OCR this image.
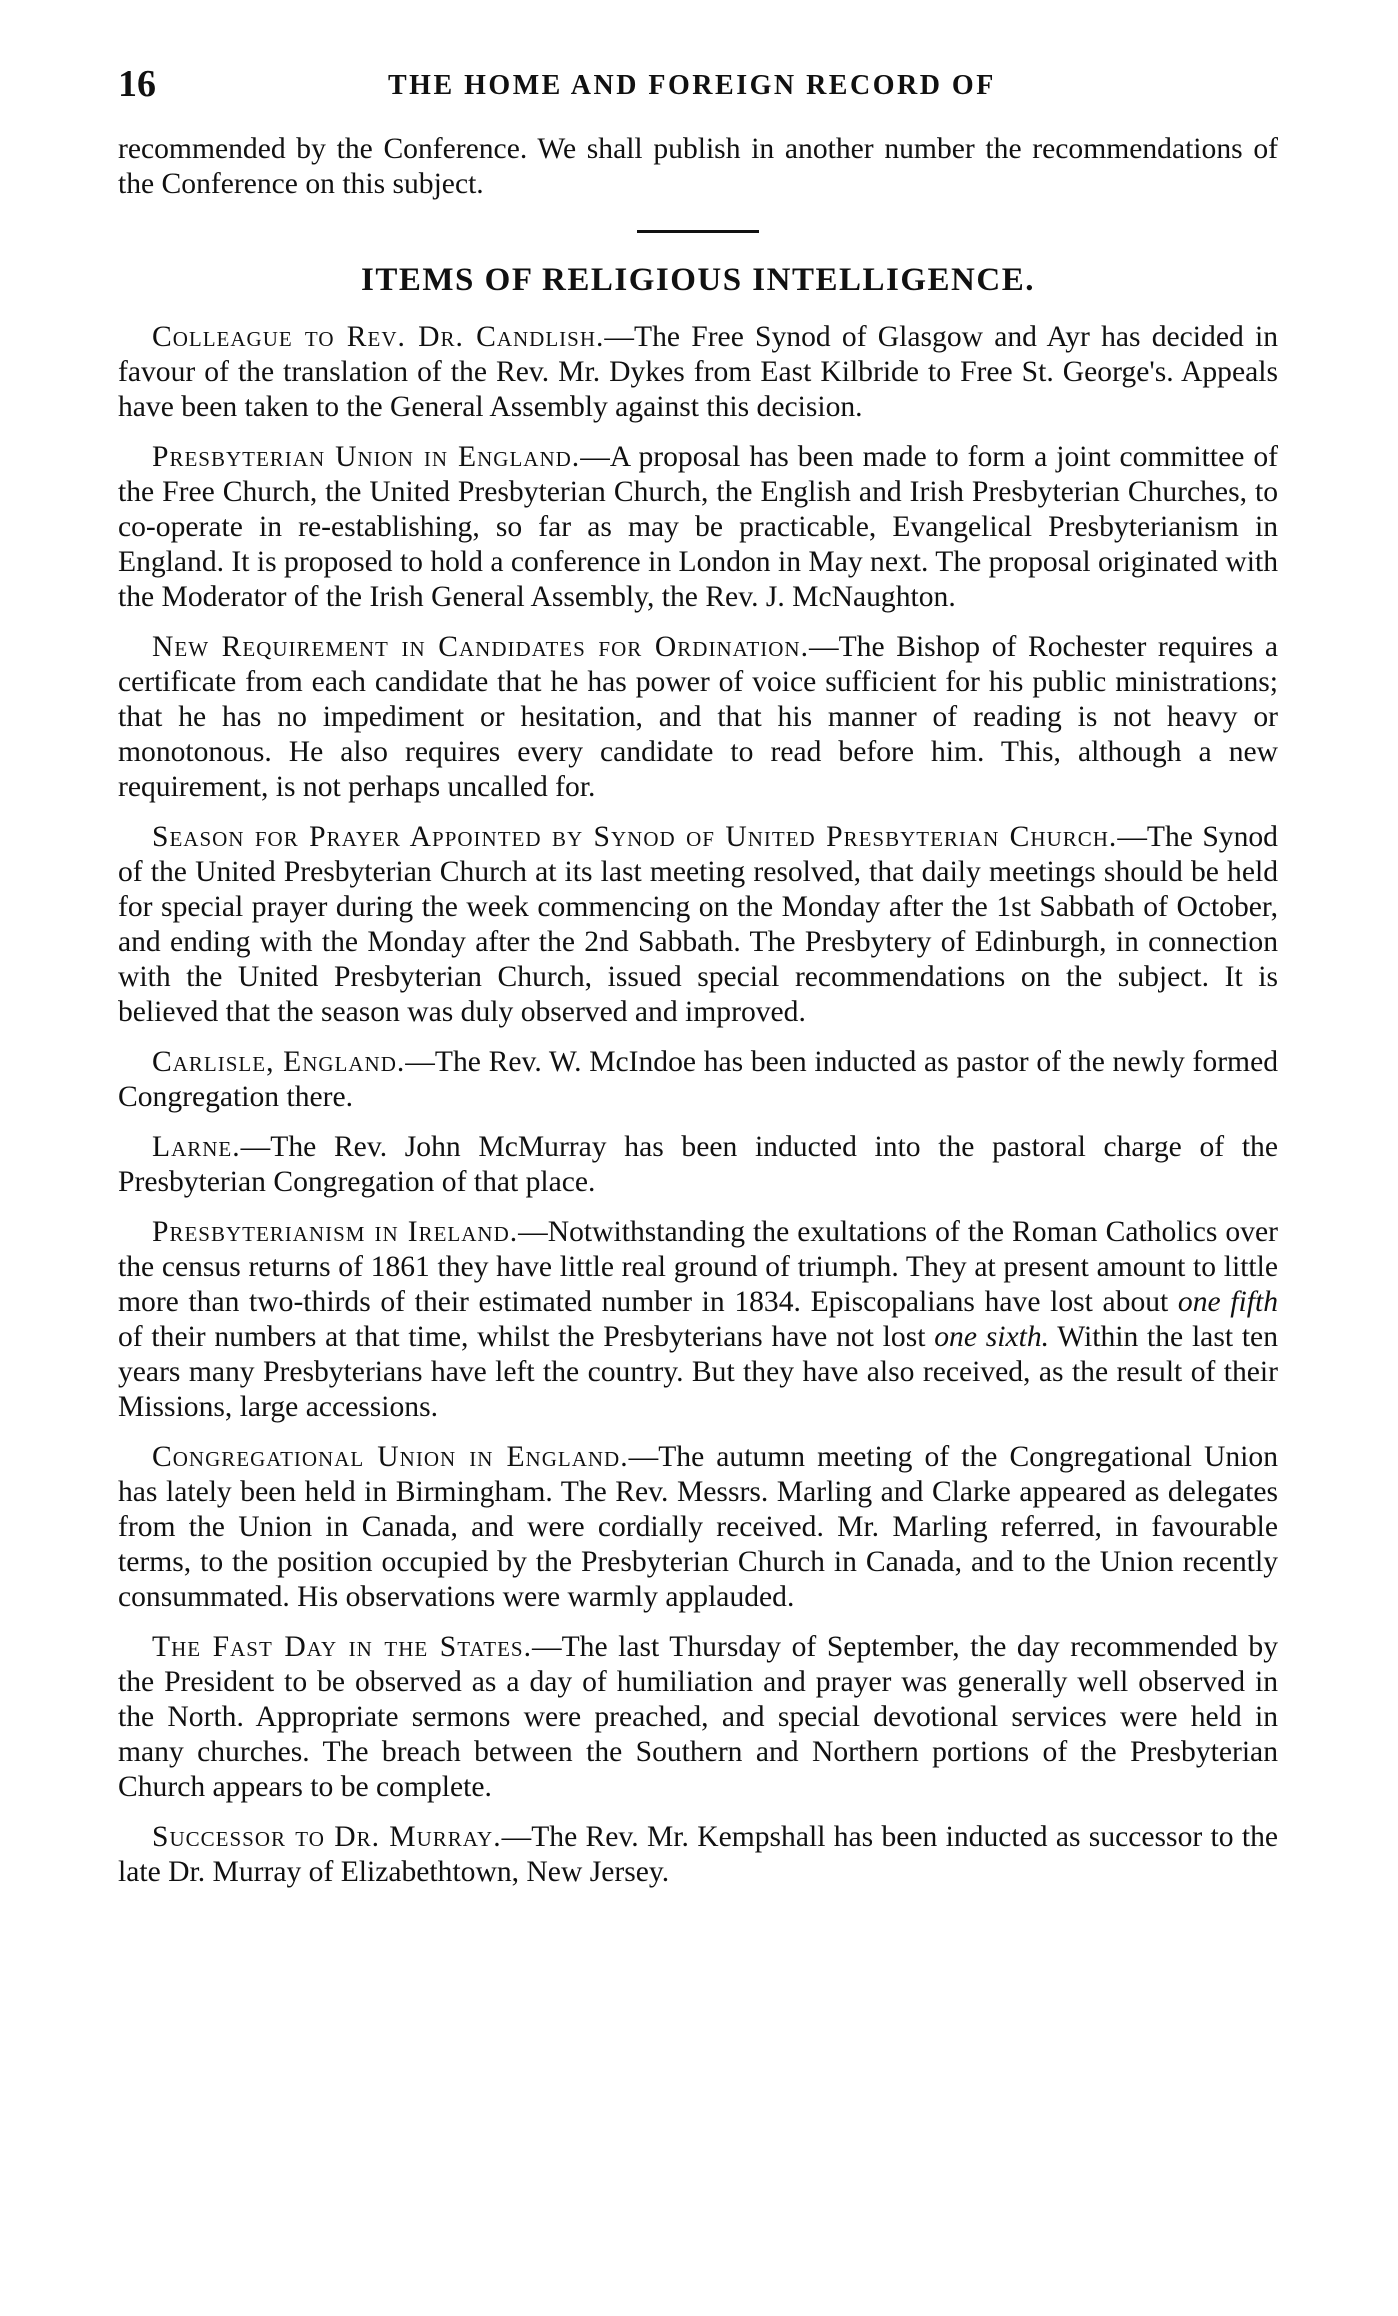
16	THE HOME AND FOREIGN RECORD OF

recommended by the Conference. We shall publish in another number the recommendations of the Conference on this subject.

ITEMS OF RELIGIOUS INTELLIGENCE.

Colleague to Rev. Dr. Candlish.—The Free Synod of Glasgow and Ayr has decided in favour of the translation of the Rev. Mr. Dykes from East Kilbride to Free St. George's. Appeals have been taken to the General Assembly against this decision.

Presbyterian Union in England.—A proposal has been made to form a joint committee of the Free Church, the United Presbyterian Church, the English and Irish Presbyterian Churches, to co-operate in re-establishing, so far as may be practicable, Evangelical Presbyterianism in England. It is proposed to hold a conference in London in May next. The proposal originated with the Moderator of the Irish General Assembly, the Rev. J. McNaughton.

New Requirement in Candidates for Ordination.—The Bishop of Rochester requires a certificate from each candidate that he has power of voice sufficient for his public ministrations; that he has no impediment or hesitation, and that his manner of reading is not heavy or monotonous. He also requires every candidate to read before him. This, although a new requirement, is not perhaps uncalled for.

Season for Prayer Appointed by Synod of United Presbyterian Church.—The Synod of the United Presbyterian Church at its last meeting resolved, that daily meetings should be held for special prayer during the week commencing on the Monday after the 1st Sabbath of October, and ending with the Monday after the 2nd Sabbath. The Presbytery of Edinburgh, in connection with the United Presbyterian Church, issued special recommendations on the subject. It is believed that the season was duly observed and improved.

Carlisle, England.—The Rev. W. McIndoe has been inducted as pastor of the newly formed Congregation there.

Larne.—The Rev. John McMurray has been inducted into the pastoral charge of the Presbyterian Congregation of that place.

Presbyterianism in Ireland.—Notwithstanding the exultations of the Roman Catholics over the census returns of 1861 they have little real ground of triumph. They at present amount to little more than two-thirds of their estimated number in 1834. Episcopalians have lost about one fifth of their numbers at that time, whilst the Presbyterians have not lost one sixth. Within the last ten years many Presbyterians have left the country. But they have also received, as the result of their Missions, large accessions.

Congregational Union in England.—The autumn meeting of the Congregational Union has lately been held in Birmingham. The Rev. Messrs. Marling and Clarke appeared as delegates from the Union in Canada, and were cordially received. Mr. Marling referred, in favourable terms, to the position occupied by the Presbyterian Church in Canada, and to the Union recently consummated. His observations were warmly applauded.

The Fast Day in the States.—The last Thursday of September, the day recommended by the President to be observed as a day of humiliation and prayer was generally well observed in the North. Appropriate sermons were preached, and special devotional services were held in many churches. The breach between the Southern and Northern portions of the Presbyterian Church appears to be complete.

Successor to Dr. Murray.—The Rev. Mr. Kempshall has been inducted as successor to the late Dr. Murray of Elizabethtown, New Jersey.
